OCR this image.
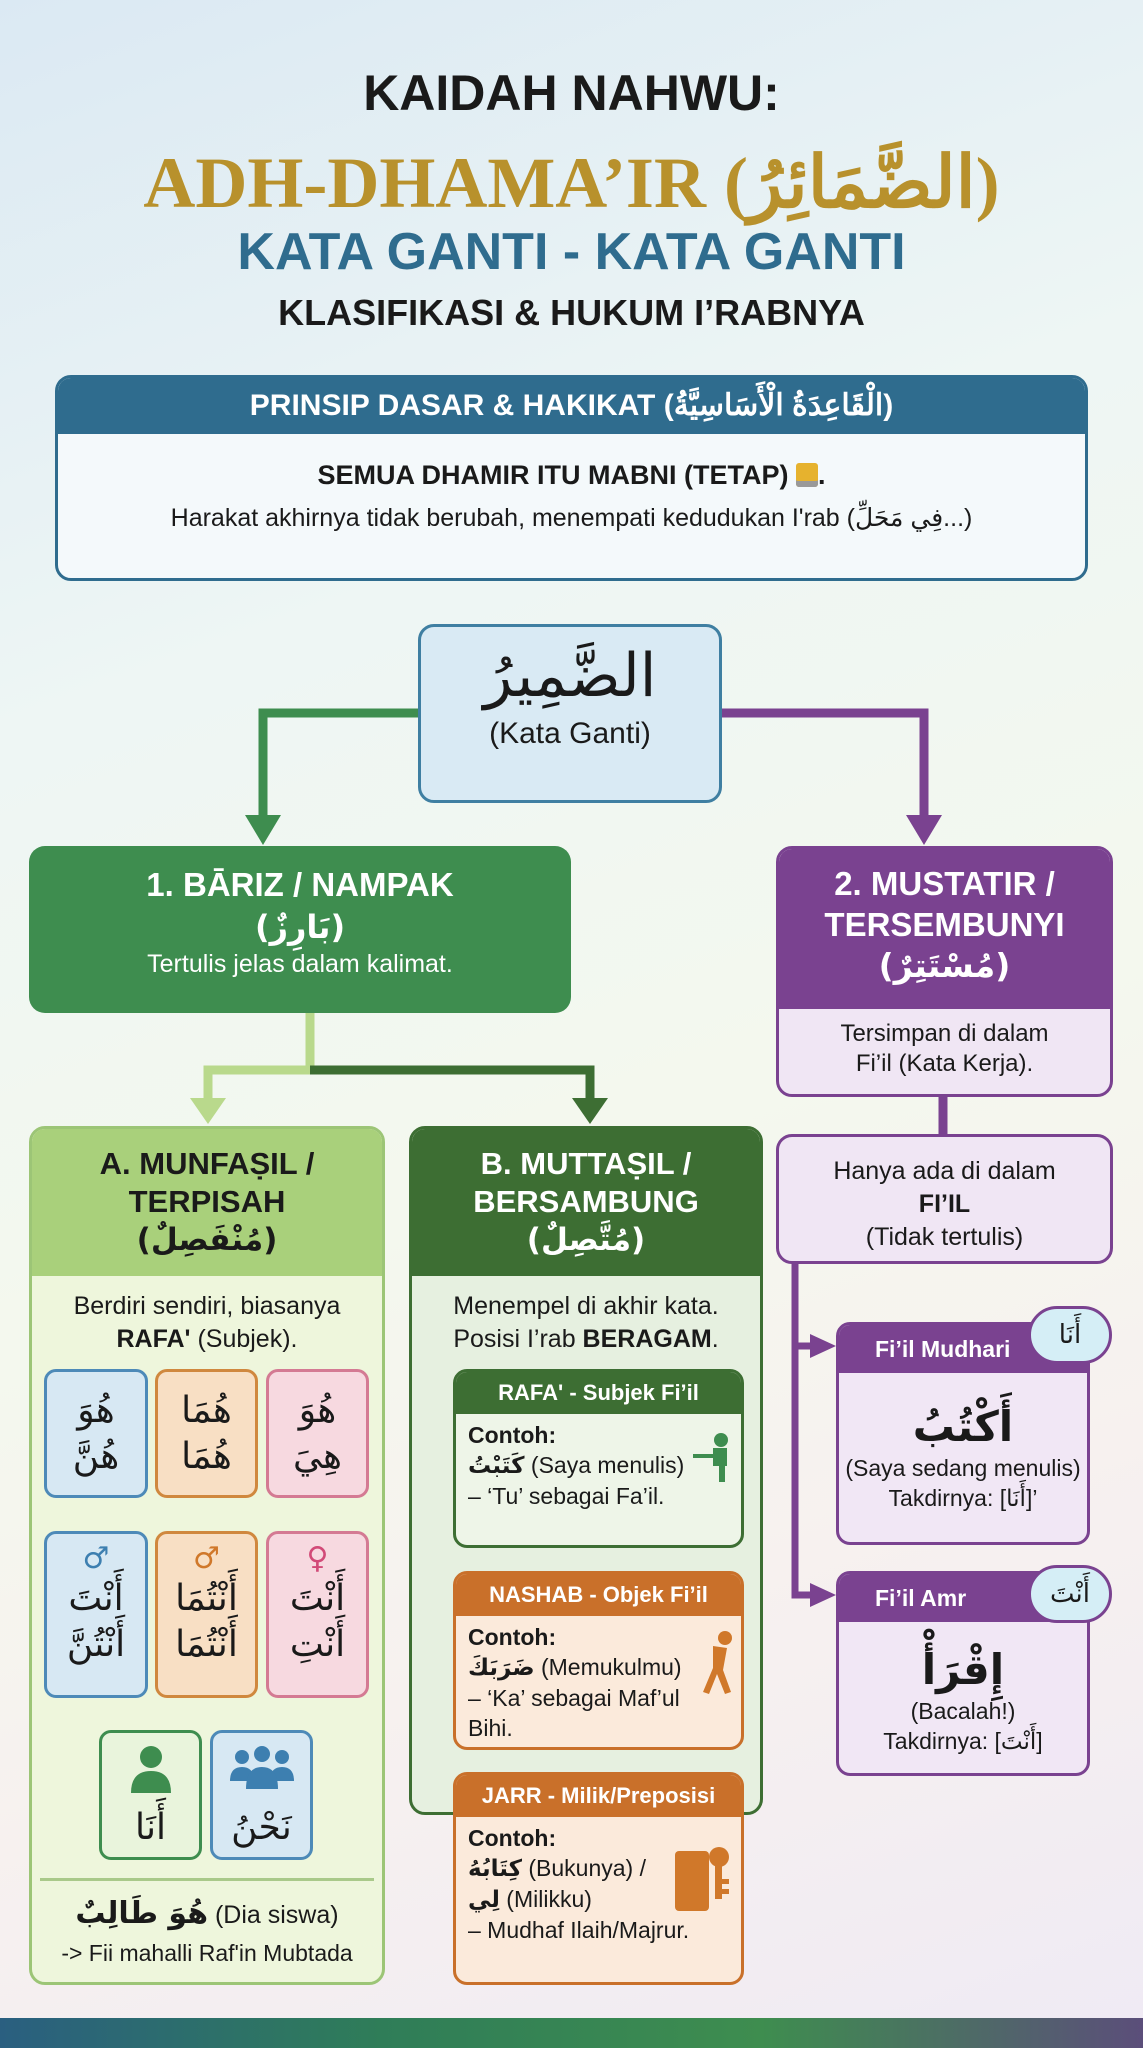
KAIDAH NAHWU:
ADH-DHAMA’IR (الضَّمَائِرُ)
KATA GANTI - KATA GANTI
KLASIFIKASI & HUKUM I’RABNYA
PRINSIP DASAR & HAKIKAT (الْقَاعِدَةُ الْأَسَاسِيَّةُ)
SEMUA DHAMIR ITU MABNI (TETAP) .
Harakat akhirnya tidak berubah, menempati kedudukan I'rab (فِي مَحَلِّ...)
الضَّمِيرُ
(Kata Ganti)
1. BĀRIZ / NAMPAK
(بَارِزٌ)
Tertulis jelas dalam kalimat.
2. MUSTATIR /
TERSEMBUNYI
(مُسْتَتِرٌ)
Tersimpan di dalam
Fi’il (Kata Kerja).
Hanya ada di dalam
FI’IL
(Tidak tertulis)
A. MUNFAṢIL /
TERPISAH
(مُنْفَصِلٌ)
Berdiri sendiri, biasanya
RAFA' (Subjek).
هُوَ
هُنَّ
هُمَا
هُمَا
هُوَ
هِيَ
♂
أَنْتَ
أَنْتُنَّ
♂
أَنْتُمَا
أَنْتُمَا
♀
أَنْتَ
أَنْتِ
أَنَا	نَحْنُ
هُوَ طَالِبٌ (Dia siswa)
-> Fii mahalli Raf'in Mubtada
B. MUTTAṢIL /
BERSAMBUNG
(مُتَّصِلٌ)
Menempel di akhir kata.
Posisi I’rab BERAGAM.
RAFA' - Subjek Fi’il
Contoh:
كَتَبْتُ (Saya menulis)
– ‘Tu’ sebagai Fa’il.
NASHAB - Objek Fi’il
Contoh:
ضَرَبَكَ (Memukulmu)
– ‘Ka’ sebagai Maf’ul Bihi.
JARR - Milik/Preposisi
Contoh:
كِتَابُهُ (Bukunya) /
لِي (Milikku)
– Mudhaf Ilaih/Majrur.
Fi’il Mudhari
أَكْتُبُ
(Saya sedang menulis)
Takdirnya: [أَنَا]’
أَنَا
Fi’il Amr
إِقْرَأْ
(Bacalah!)
Takdirnya: [أَنْتَ]
أَنْتَ
